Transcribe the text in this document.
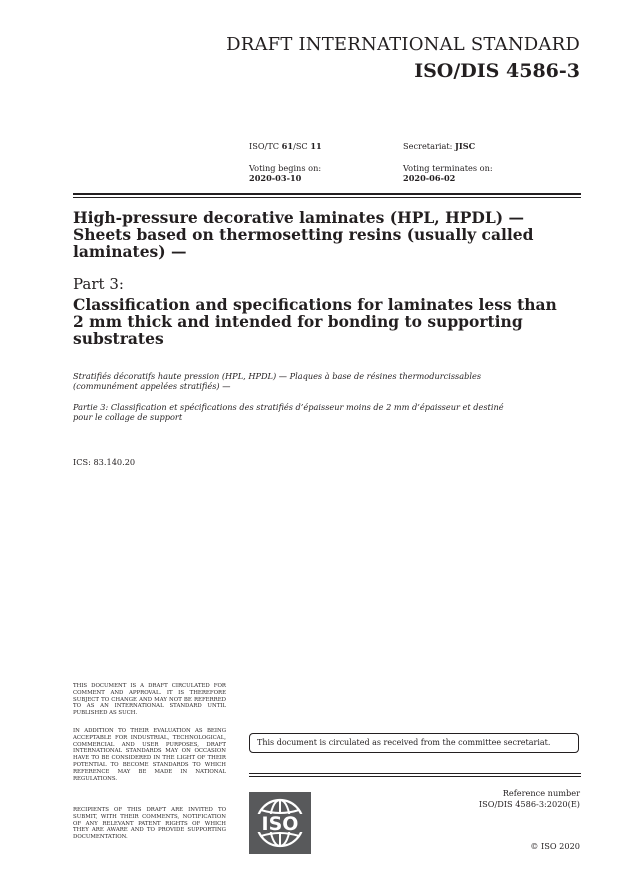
DRAFT INTERNATIONAL STANDARD
ISO/DIS 4586-3
ISO/TC 61/SC 11	Secretariat: JISC
Voting begins on:
2020-03-10
Voting terminates on:
2020-06-02
High-pressure decorative laminates (HPL, HPDL) —
Sheets based on thermosetting resins (usually called
laminates) —
Part 3:
Classification and specifications for laminates less than
2 mm thick and intended for bonding to supporting
substrates
Stratifiés décoratifs haute pression (HPL, HPDL) — Plaques à base de résines thermodurcissables
(communément appelées stratifiés) —
Partie 3: Classification et spécifications des stratifiés d’épaisseur moins de 2 mm d’épaisseur et destiné
pour le collage de support
ICS: 83.140.20
THIS DOCUMENT IS A DRAFT CIRCULATED FOR COMMENT AND APPROVAL. IT IS THEREFORE SUBJECT TO CHANGE AND MAY NOT BE REFERRED TO AS AN INTERNATIONAL STANDARD UNTIL PUBLISHED AS SUCH.
IN ADDITION TO THEIR EVALUATION AS BEING ACCEPTABLE FOR INDUSTRIAL, TECHNOLOGICAL, COMMERCIAL AND USER PURPOSES, DRAFT INTERNATIONAL STANDARDS MAY ON OCCASION HAVE TO BE CONSIDERED IN THE LIGHT OF THEIR POTENTIAL TO BECOME STANDARDS TO WHICH REFERENCE MAY BE MADE IN NATIONAL REGULATIONS.
RECIPIENTS OF THIS DRAFT ARE INVITED TO SUBMIT, WITH THEIR COMMENTS, NOTIFICATION OF ANY RELEVANT PATENT RIGHTS OF WHICH THEY ARE AWARE AND TO PROVIDE SUPPORTING DOCUMENTATION.
This document is circulated as received from the committee secretariat.
Reference number
ISO/DIS 4586-3:2020(E)
© ISO 2020
ISO
